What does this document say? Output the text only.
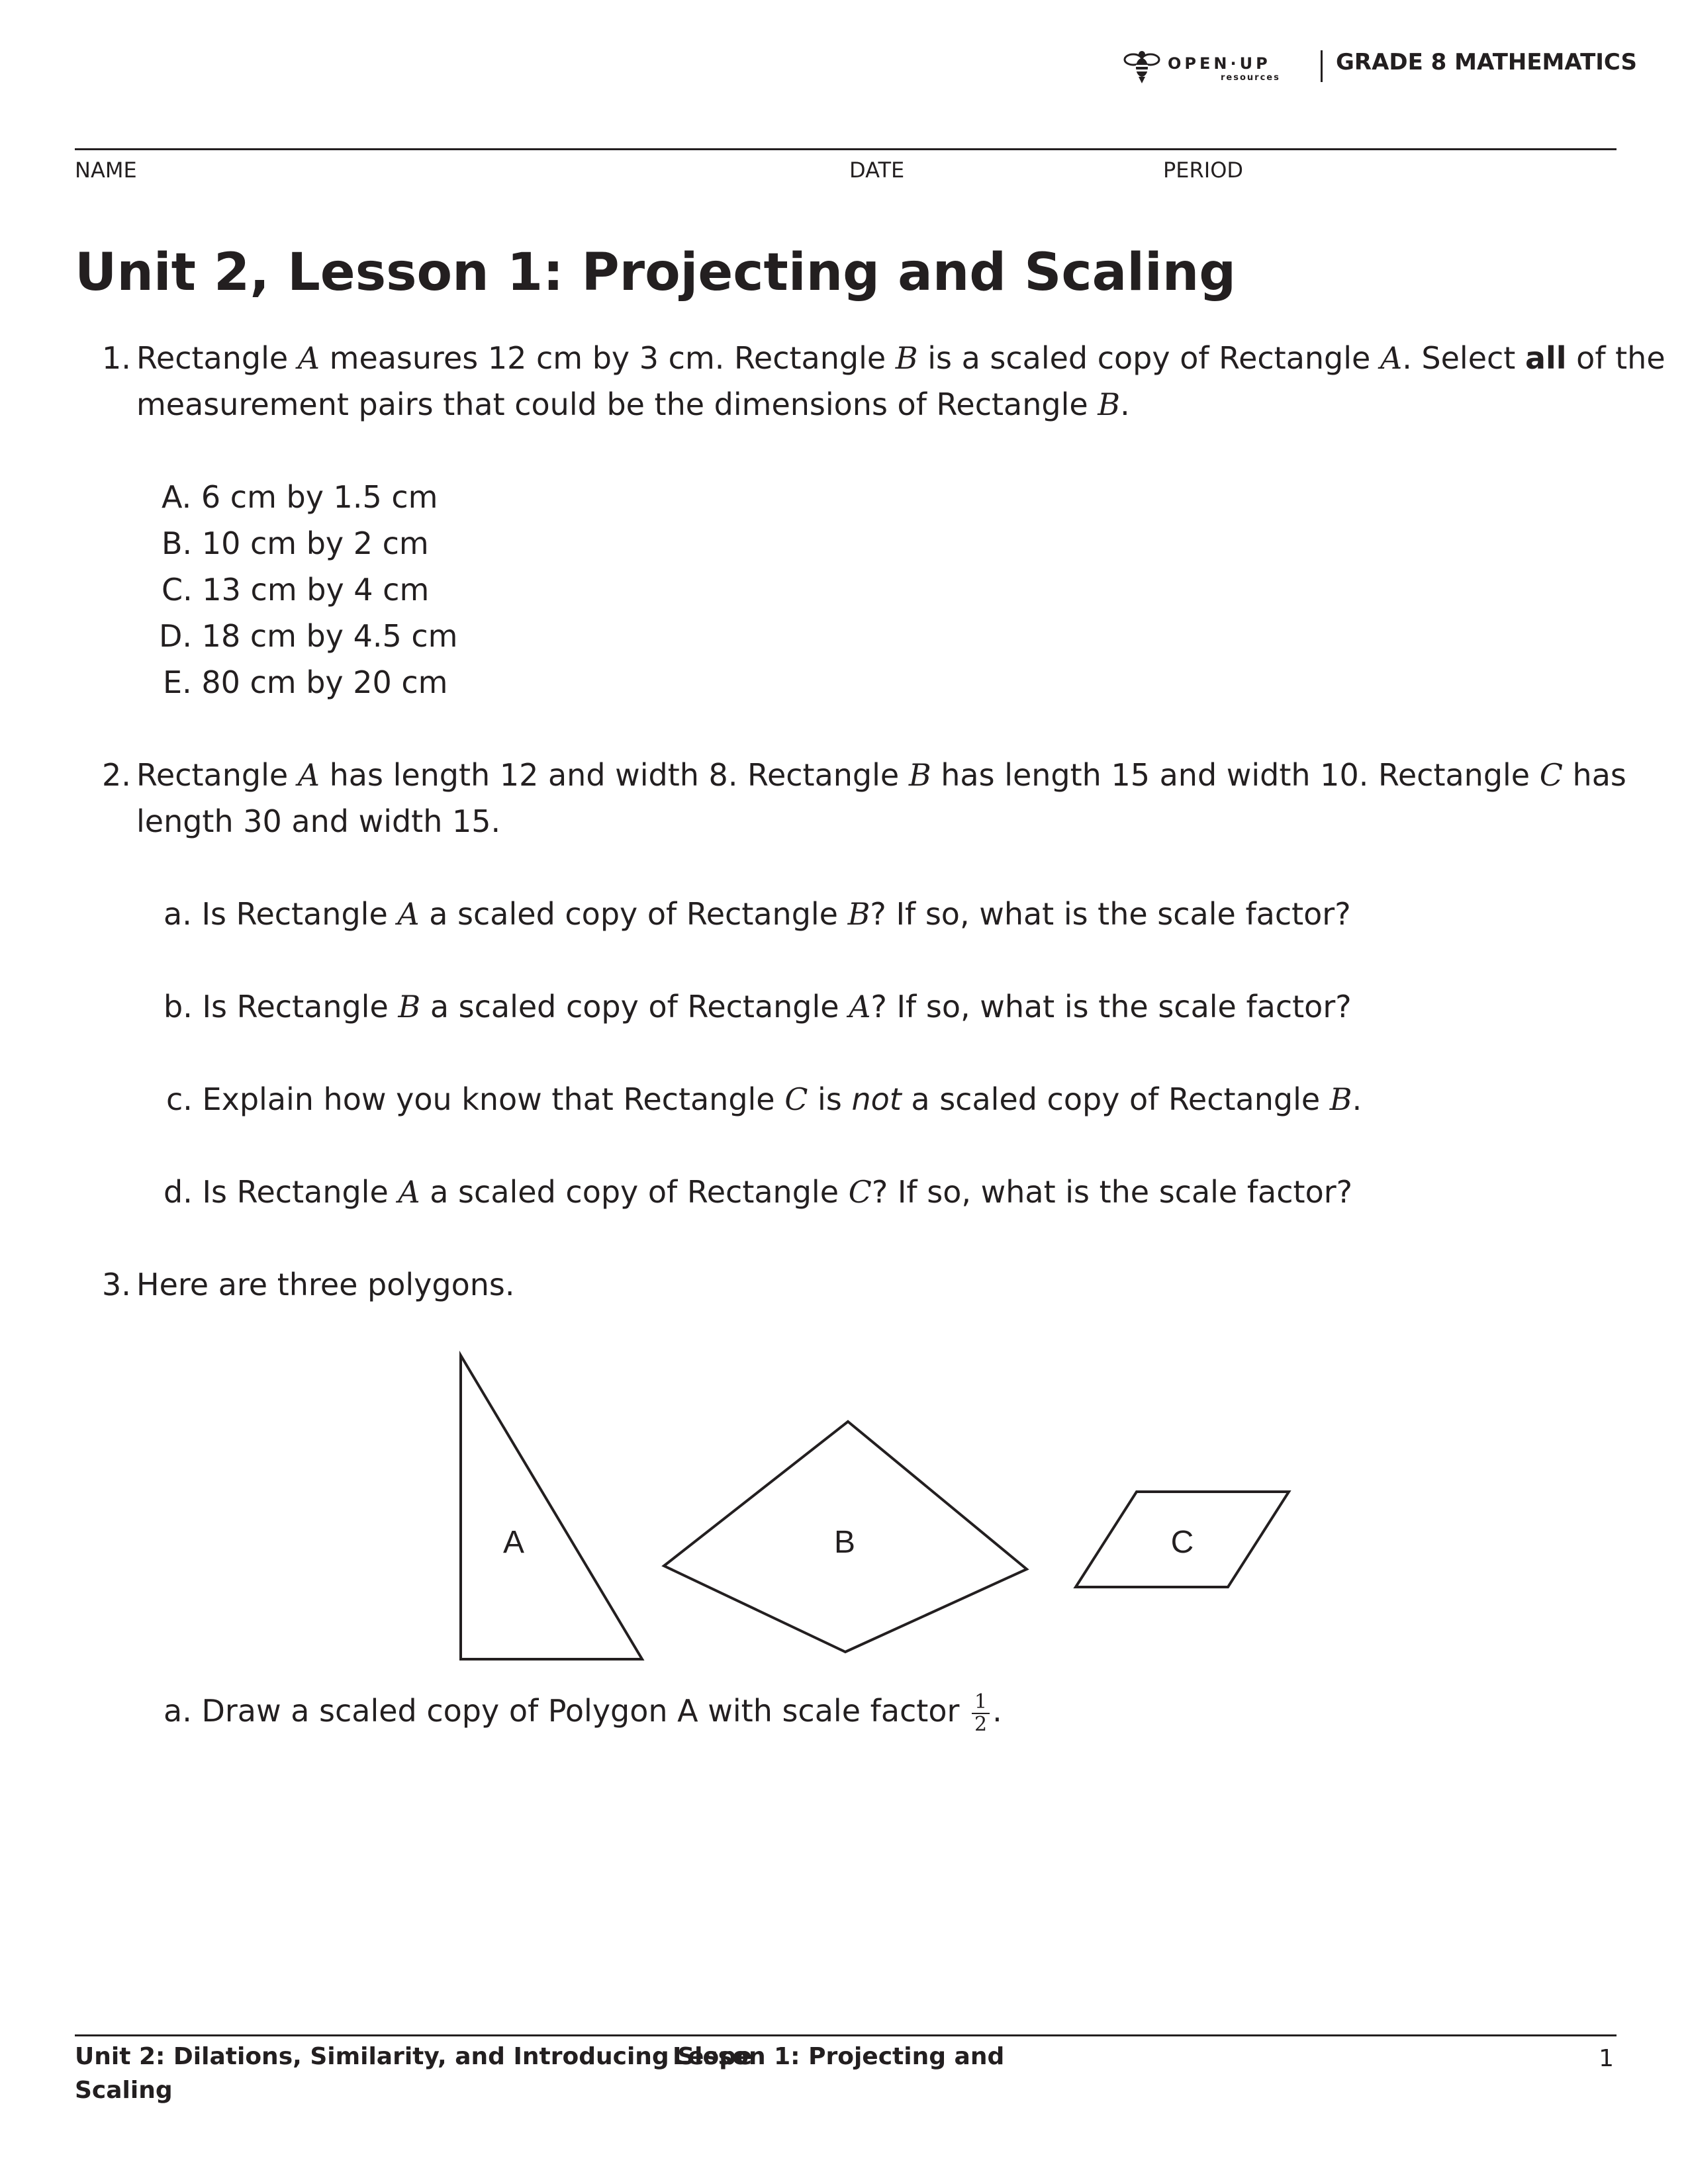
OPEN·UP
resources
GRADE 8 MATHEMATICS
NAME	DATE	PERIOD
Unit 2, Lesson 1: Projecting and Scaling
1. Rectangle A measures 12 cm by 3 cm. Rectangle B is a scaled copy of Rectangle A. Select all of the
measurement pairs that could be the dimensions of Rectangle B.
A. 6 cm by 1.5 cm
B. 10 cm by 2 cm
C. 13 cm by 4 cm
D. 18 cm by 4.5 cm
E. 80 cm by 20 cm
2. Rectangle A has length 12 and width 8. Rectangle B has length 15 and width 10. Rectangle C has
length 30 and width 15.
a. Is Rectangle A a scaled copy of Rectangle B? If so, what is the scale factor?
b. Is Rectangle B a scaled copy of Rectangle A? If so, what is the scale factor?
c. Explain how you know that Rectangle C is not a scaled copy of Rectangle B.
d. Is Rectangle A a scaled copy of Rectangle C? If so, what is the scale factor?
3. Here are three polygons.
A	B	C
a. Draw a scaled copy of Polygon A with scale factor $\frac{1}{2}$ .
Unit 2: Dilations, Similarity, and Introducing Slope
Lesson 1: Projecting and
Scaling
1
